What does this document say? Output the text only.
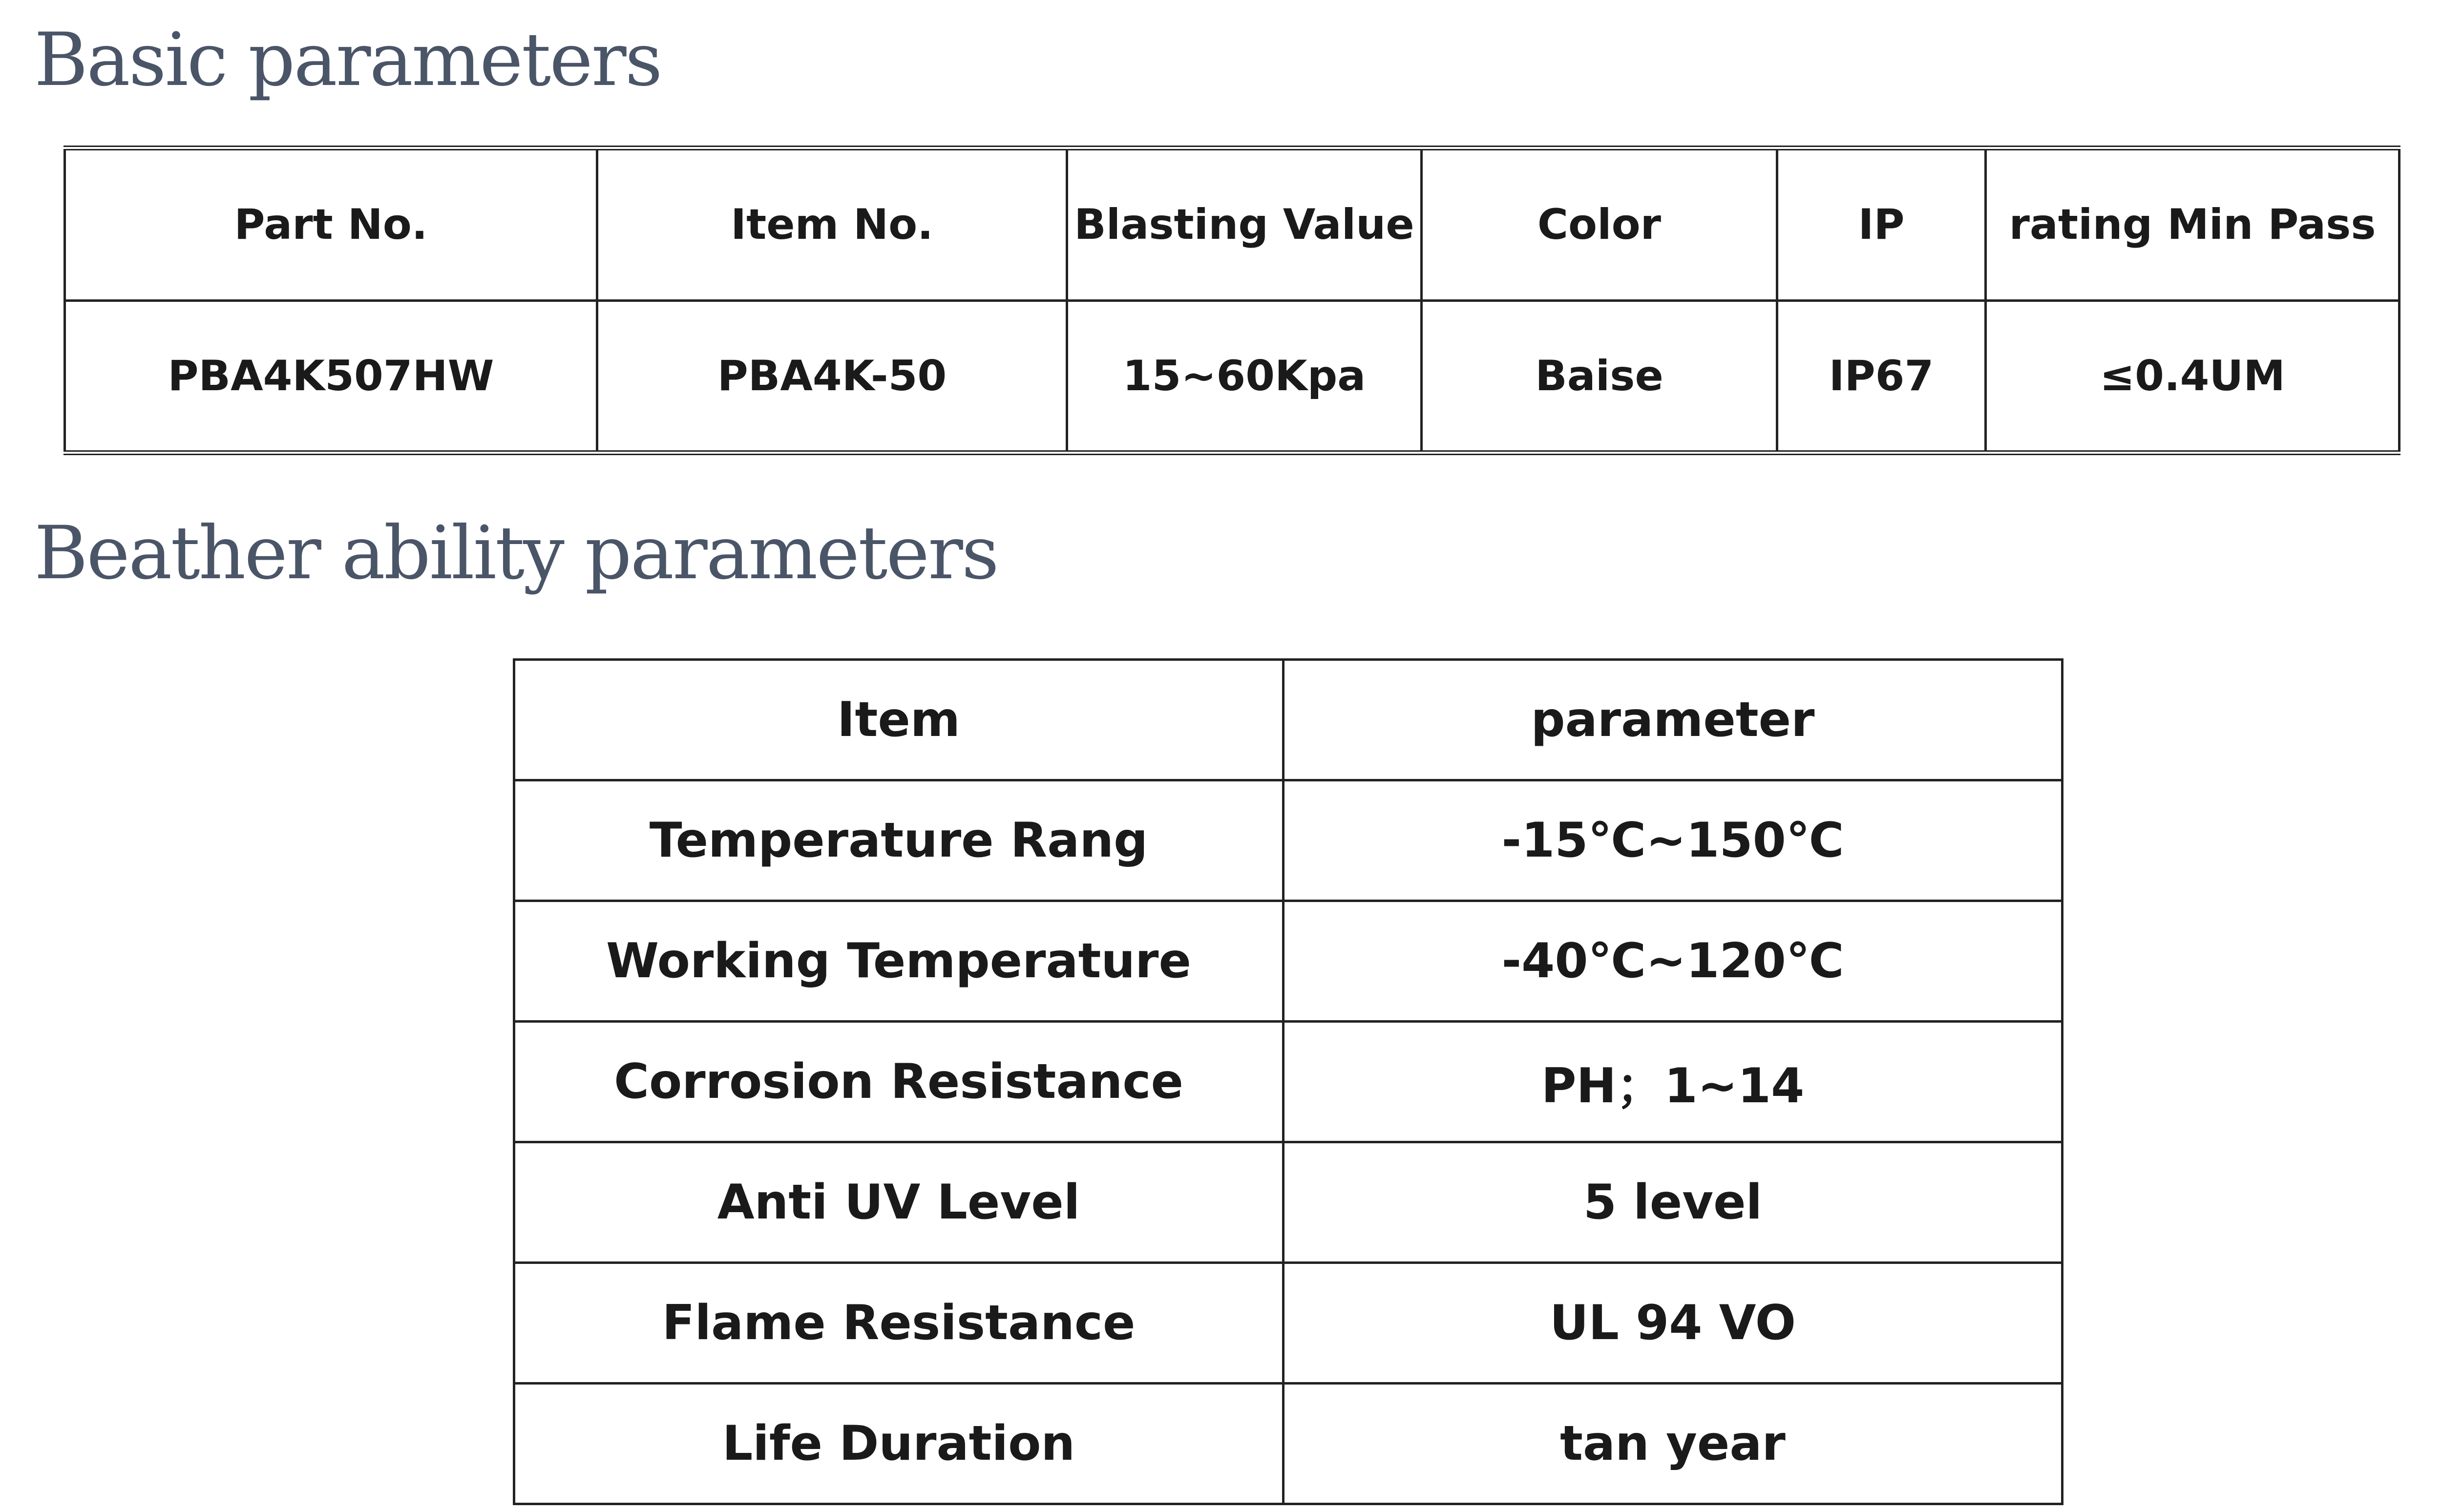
Basic parameters
Part No.	Item No.	Blasting Value	Color	IP	rating Min Pass
PBA4K507HW	PBA4K-50	15~60Kpa	Baise	IP67	≤0.4UM
Beather ability parameters
Item	parameter
Temperature Rang	-15℃~150℃
Working Temperature	-40℃~120℃
Corrosion Resistance	PH；1~14
Anti UV Level	5 level
Flame Resistance	UL 94 VO
Life Duration	tan year
